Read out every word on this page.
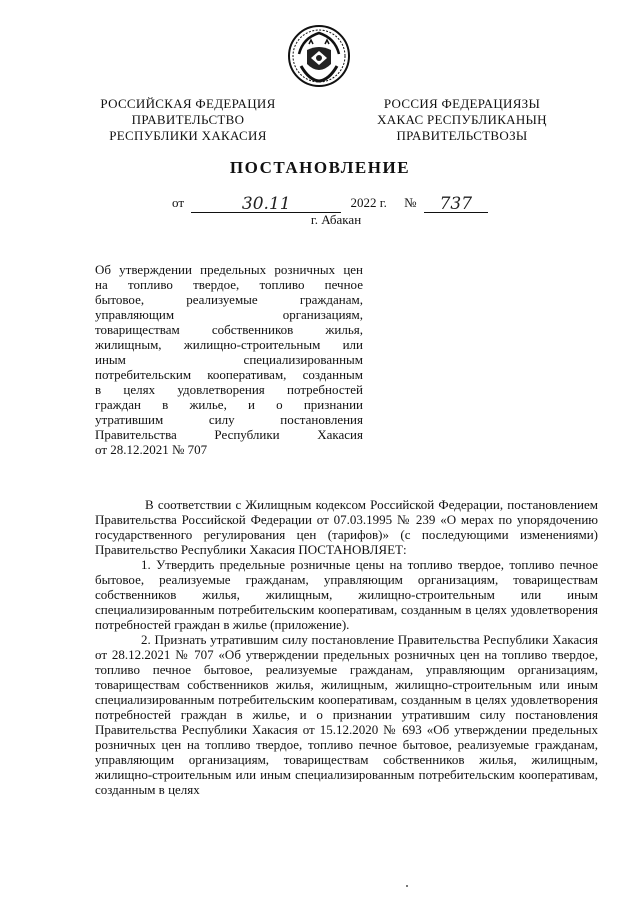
РОССИЙСКАЯ ФЕДЕРАЦИЯ
ПРАВИТЕЛЬСТВО
РЕСПУБЛИКИ ХАКАСИЯ
РОССИЯ ФЕДЕРАЦИЯЗЫ
ХАКАС РЕСПУБЛИКАНЫҢ
ПРАВИТЕЛЬСТВОЗЫ
ПОСТАНОВЛЕНИЕ
от	30.11	2022 г. № 737
г. Абакан
Об утверждении предельных розничных цен
на топливо твердое, топливо печное
бытовое, реализуемые гражданам,
управляющим организациям,
товариществам собственников жилья,
жилищным, жилищно-строительным или
иным специализированным
потребительским кооперативам, созданным
в целях удовлетворения потребностей
граждан в жилье, и о признании
утратившим силу постановления
Правительства Республики Хакасия
от 28.12.2021 № 707

В соответствии с Жилищным кодексом Российской Федерации, постановлением Правительства Российской Федерации от 07.03.1995 № 239 «О мерах по упорядочению государственного регулирования цен (тарифов)» (с последующими изменениями) Правительство Республики Хакасия ПОСТАНОВЛЯЕТ:

1. Утвердить предельные розничные цены на топливо твердое, топливо печное бытовое, реализуемые гражданам, управляющим организациям, товариществам собственников жилья, жилищным, жилищно-строительным или иным специализированным потребительским кооперативам, созданным в целях удовлетворения потребностей граждан в жилье (приложение).

2. Признать утратившим силу постановление Правительства Республики Хакасия от 28.12.2021 № 707 «Об утверждении предельных розничных цен на топливо твердое, топливо печное бытовое, реализуемые гражданам, управляющим организациям, товариществам собственников жилья, жилищным, жилищно-строительным или иным специализированным потребительским кооперативам, созданным в целях удовлетворения потребностей граждан в жилье, и о признании утратившим силу постановления Правительства Республики Хакасия от 15.12.2020 № 693 «Об утверждении предельных розничных цен на топливо твердое, топливо печное бытовое, реализуемые гражданам, управляющим организациям, товариществам собственников жилья, жилищным, жилищно-строительным или иным специализированным потребительским кооперативам, созданным в целях
